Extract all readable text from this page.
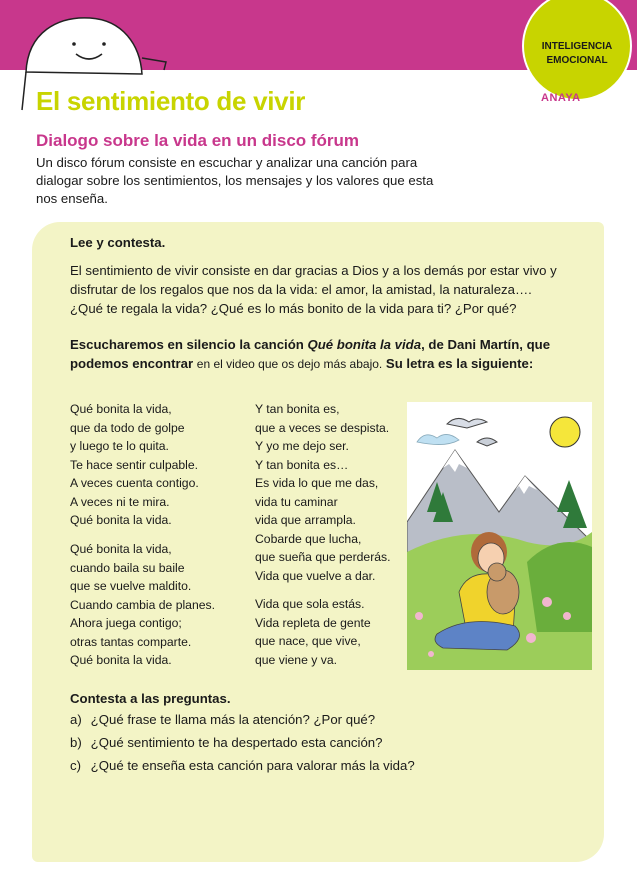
INTELIGENCIA
EMOCIONAL
ANAYA
El sentimiento de vivir
Dialogo sobre la vida en un disco fórum

Un disco fórum consiste en escuchar y analizar una canción para dialogar sobre los sentimientos, los mensajes y los valores que esta nos enseña.

Lee y contesta.

El sentimiento de vivir consiste en dar gracias a Dios y a los demás por estar vivo y disfrutar de los regalos que nos da la vida: el amor, la amistad, la naturaleza….

¿Qué te regala la vida? ¿Qué es lo más bonito de la vida para ti? ¿Por qué?

Escucharemos en silencio la canción Qué bonita la vida, de Dani Martín, que podemos encontrar en el video que os dejo más abajo. Su letra es la siguiente:

Qué bonita la vida,
que da todo de golpe
y luego te lo quita.
Te hace sentir culpable.
A veces cuenta contigo.
A veces ni te mira.
Qué bonita la vida.
Qué bonita la vida,
cuando baila su baile
que se vuelve maldito.
Cuando cambia de planes.
Ahora juega contigo;
otras tantas comparte.
Qué bonita la vida.
Y tan bonita es,
que a veces se despista.
Y yo me dejo ser.
Y tan bonita es…
Es vida lo que me das,
vida tu caminar
vida que arrampla.
Cobarde que lucha,
que sueña que perderás.
Vida que vuelve a dar.
Vida que sola estás.
Vida repleta de gente
que nace, que vive,
que viene y va.

Contesta a las preguntas.

a) ¿Qué frase te llama más la atención? ¿Por qué?
b) ¿Qué sentimiento te ha despertado esta canción?
c) ¿Qué te enseña esta canción para valorar más la vida?
